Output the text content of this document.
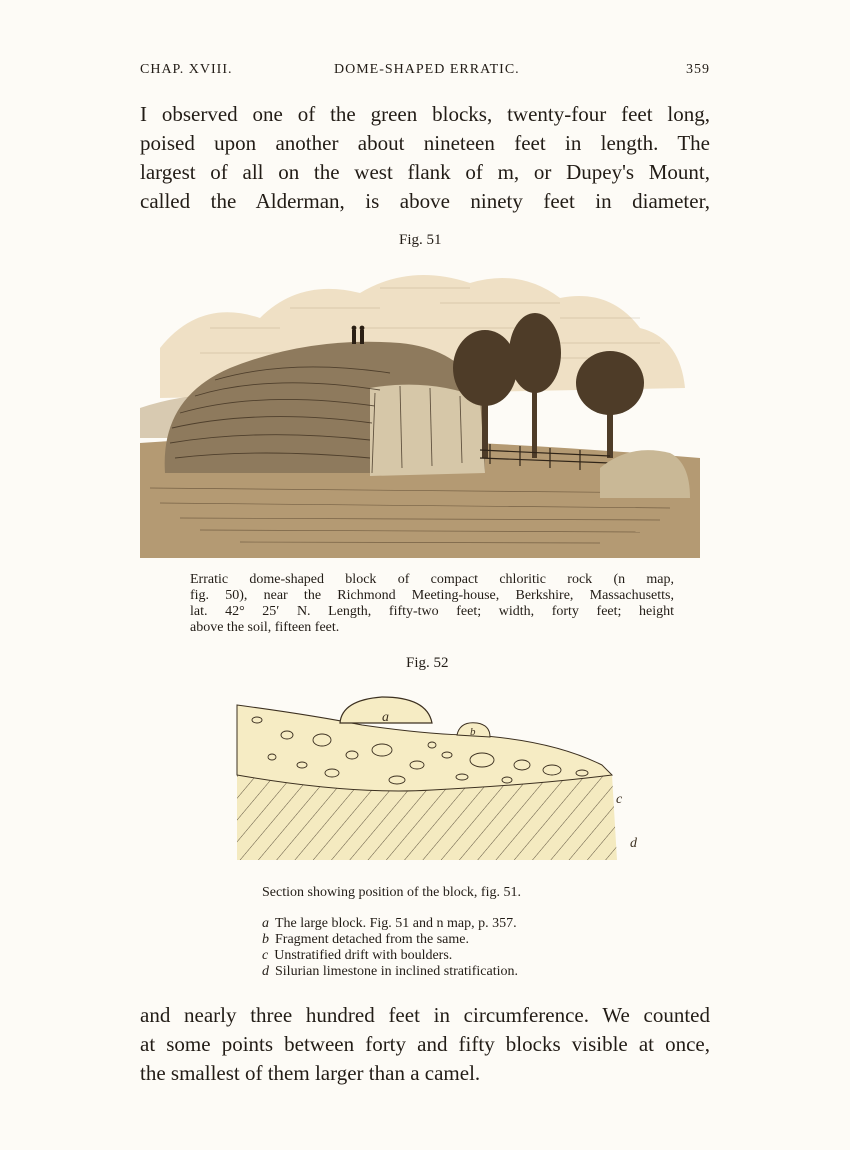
CHAP. XVIII.	DOME-SHAPED ERRATIC.	359
I observed one of the green blocks, twenty-four feet long,
poised upon another about nineteen feet in length. The
largest of all on the west flank of m, or Dupey's Mount,
called the Alderman, is above ninety feet in diameter,
Fig. 51
Erratic dome-shaped block of compact chloritic rock (n map,
fig. 50), near the Richmond Meeting-house, Berkshire, Massachusetts,
lat. 42° 25′ N. Length, fifty-two feet; width, forty feet; height
above the soil, fifteen feet.
Fig. 52
a
b
c
d
Section showing position of the block, fig. 51.
a The large block. Fig. 51 and n map, p. 357.
b Fragment detached from the same.
c Unstratified drift with boulders.
d Silurian limestone in inclined stratification.
and nearly three hundred feet in circumference. We counted
at some points between forty and fifty blocks visible at once,
the smallest of them larger than a camel.
